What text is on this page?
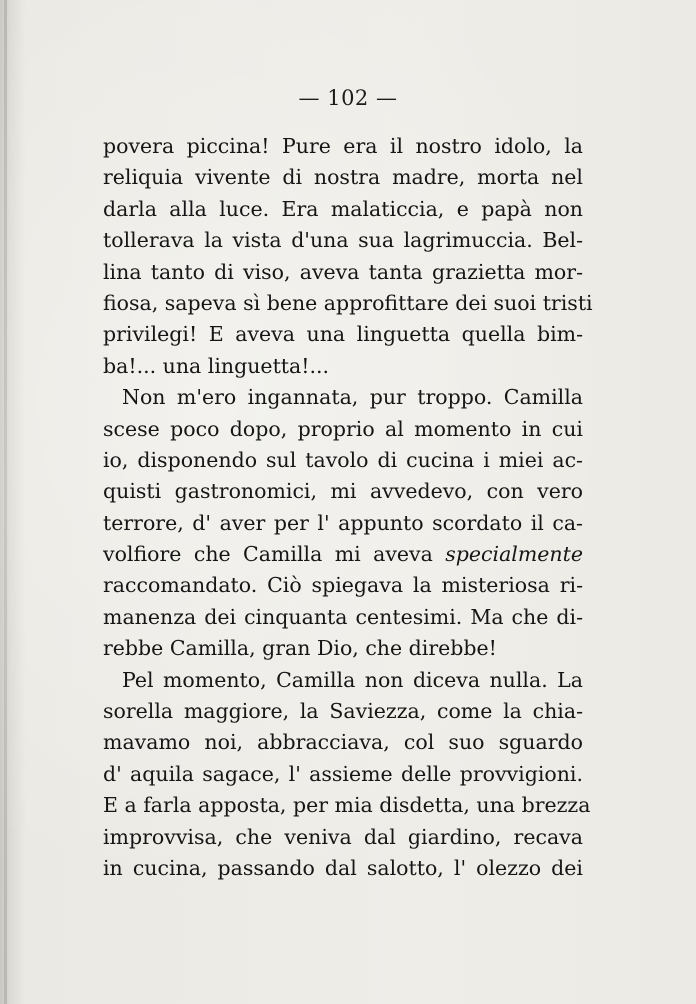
— 102 —
povera piccina! Pure era il nostro idolo, la
reliquia vivente di nostra madre, morta nel
darla alla luce. Era malaticcia, e papà non
tollerava la vista d'una sua lagrimuccia. Bel-
lina tanto di viso, aveva tanta grazietta mor-
fiosa, sapeva sì bene approfittare dei suoi tristi
privilegi! E aveva una linguetta quella bim-
ba!... una linguetta!...
Non m'ero ingannata, pur troppo. Camilla
scese poco dopo, proprio al momento in cui
io, disponendo sul tavolo di cucina i miei ac-
quisti gastronomici, mi avvedevo, con vero
terrore, d' aver per l' appunto scordato il ca-
volfiore che Camilla mi aveva specialmente
raccomandato. Ciò spiegava la misteriosa ri-
manenza dei cinquanta centesimi. Ma che di-
rebbe Camilla, gran Dio, che direbbe!
Pel momento, Camilla non diceva nulla. La
sorella maggiore, la Saviezza, come la chia-
mavamo noi, abbracciava, col suo sguardo
d' aquila sagace, l' assieme delle provvigioni.
E a farla apposta, per mia disdetta, una brezza
improvvisa, che veniva dal giardino, recava
in cucina, passando dal salotto, l' olezzo dei
